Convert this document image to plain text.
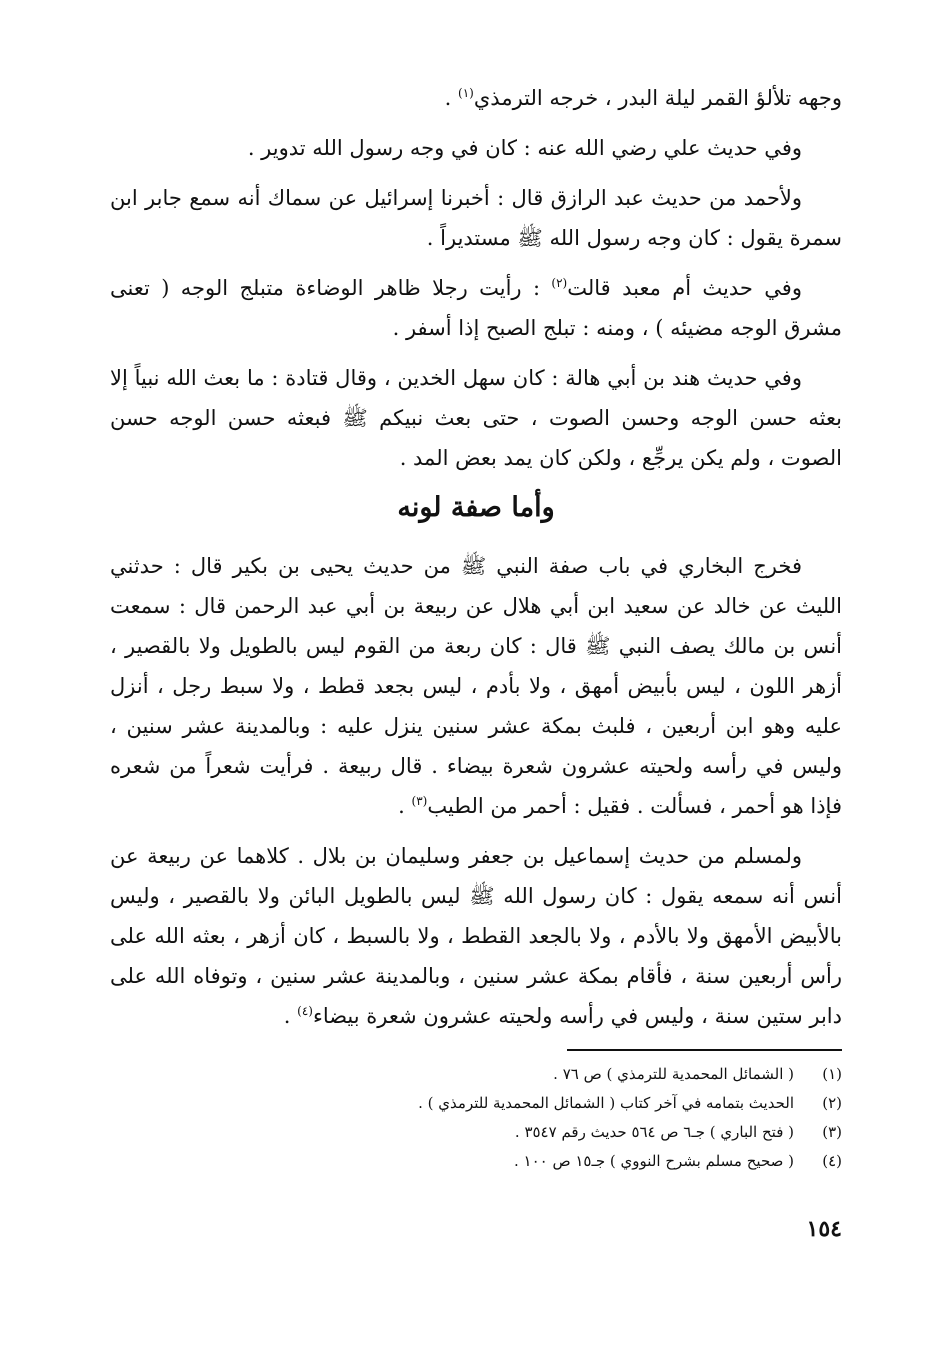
وجهه تلألؤ القمر ليلة البدر ، خرجه الترمذي$^{(١)}$ .

وفي حديث علي رضي الله عنه : كان في وجه رسول الله تدوير .

ولأحمد من حديث عبد الرازق قال : أخبرنا إسرائيل عن سماك أنه سمع جابر ابن سمرة يقول : كان وجه رسول الله ﷺ مستديراً .

وفي حديث أم معبد قالت$^{(٢)}$ : رأيت رجلا ظاهر الوضاءة متبلج الوجه ( تعنى مشرق الوجه مضيئه ) ، ومنه : تبلج الصبح إذا أسفر .

وفي حديث هند بن أبي هالة : كان سهل الخدين ، وقال قتادة : ما بعث الله نبياً إلا بعثه حسن الوجه وحسن الصوت ، حتى بعث نبيكم ﷺ فبعثه حسن الوجه حسن الصوت ، ولم يكن يرجِّع ، ولكن كان يمد بعض المد .

وأما صفة لونه

فخرج البخاري في باب صفة النبي ﷺ من حديث يحيى بن بكير قال : حدثني الليث عن خالد عن سعيد ابن أبي هلال عن ربيعة بن أبي عبد الرحمن قال : سمعت أنس بن مالك يصف النبي ﷺ قال : كان ربعة من القوم ليس بالطويل ولا بالقصير ، أزهر اللون ، ليس بأبيض أمهق ، ولا بأدم ، ليس بجعد قطط ، ولا سبط رجل ، أنزل عليه وهو ابن أربعين ، فلبث بمكة عشر سنين ينزل عليه : وبالمدينة عشر سنين ، وليس في رأسه ولحيته عشرون شعرة بيضاء . قال ربيعة . فرأيت شعراً من شعره فإذا هو أحمر ، فسألت . فقيل : أحمر من الطيب$^{(٣)}$ .

ولمسلم من حديث إسماعيل بن جعفر وسليمان بن بلال . كلاهما عن ربيعة عن أنس أنه سمعه يقول : كان رسول الله ﷺ ليس بالطويل البائن ولا بالقصير ، وليس بالأبيض الأمهق ولا بالأدم ، ولا بالجعد القطط ، ولا بالسبط ، كان أزهر ، بعثه الله على رأس أربعين سنة ، فأقام بمكة عشر سنين ، وبالمدينة عشر سنين ، وتوفاه الله على دابر ستين سنة ، وليس في رأسه ولحيته عشرون شعرة بيضاء$^{(٤)}$ .

(١)
( الشمائل المحمدية للترمذي ) ص ٧٦ .
(٢)
الحديث بتمامه في آخر كتاب ( الشمائل المحمدية للترمذي ) .
(٣)
( فتح الباري ) جـ٦ ص ٥٦٤ حديث رقم ٣٥٤٧ .
(٤)
( صحيح مسلم بشرح النووي ) جـ١٥ ص ١٠٠ .
١٥٤
